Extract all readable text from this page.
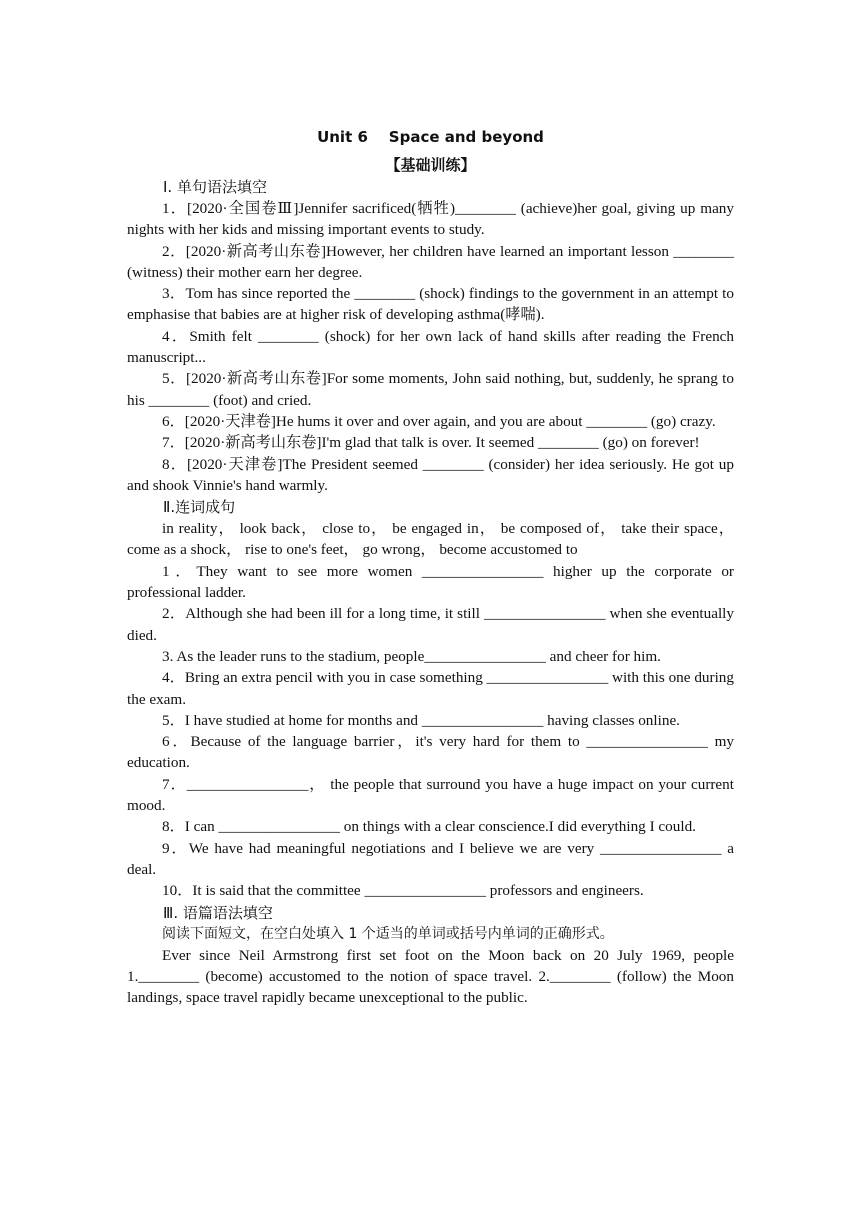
Unit 6    Space and beyond
【基础训练】
Ⅰ. 单句语法填空

1．[2020·全国卷Ⅲ]Jennifer sacrificed(牺牲)________ (achieve)her goal, giving up many nights with her kids and missing important events to study.

2．[2020·新高考山东卷]However, her children have learned an important lesson ________ (witness) their mother earn her degree.

3．Tom has since reported the ________ (shock) findings to the government in an attempt to emphasise that babies are at higher risk of developing asthma(哮喘).

4．Smith felt ________ (shock) for her own lack of hand skills after reading the French manuscript...

5．[2020·新高考山东卷]For some moments, John said nothing, but, suddenly, he sprang to his ________ (foot) and cried.

6．[2020·天津卷]He hums it over and over again, and you are about ________ (go) crazy.

7．[2020·新高考山东卷]I'm glad that talk is over. It seemed ________ (go) on forever!

8．[2020·天津卷]The President seemed ________ (consider) her idea seriously. He got up and shook Vinnie's hand warmly.

Ⅱ.连词成句

in reality， look back， close to， be engaged in， be composed of， take their space， come as a shock， rise to one's feet， go wrong， become accustomed to

1．They want to see more women ________________ higher up the corporate or professional ladder.

2．Although she had been ill for a long time, it still ________________ when she eventually died.

3. As the leader runs to the stadium, people________________ and cheer for him.

4．Bring an extra pencil with you in case something ________________ with this one during the exam.

5．I have studied at home for months and ________________ having classes online.

6．Because of the language barrier，it's very hard for them to ________________ my education.

7．________________， the people that surround you have a huge impact on your current mood.

8．I can ________________ on things with a clear conscience.I did everything I could.

9．We have had meaningful negotiations and I believe we are very ________________ a deal.

10．It is said that the committee ________________ professors and engineers.

Ⅲ. 语篇语法填空

阅读下面短文，在空白处填入 1 个适当的单词或括号内单词的正确形式。

Ever since Neil Armstrong first set foot on the Moon back on 20 July 1969, people 1.________ (become) accustomed to the notion of space travel. 2.________ (follow) the Moon landings, space travel rapidly became unexceptional to the public.
